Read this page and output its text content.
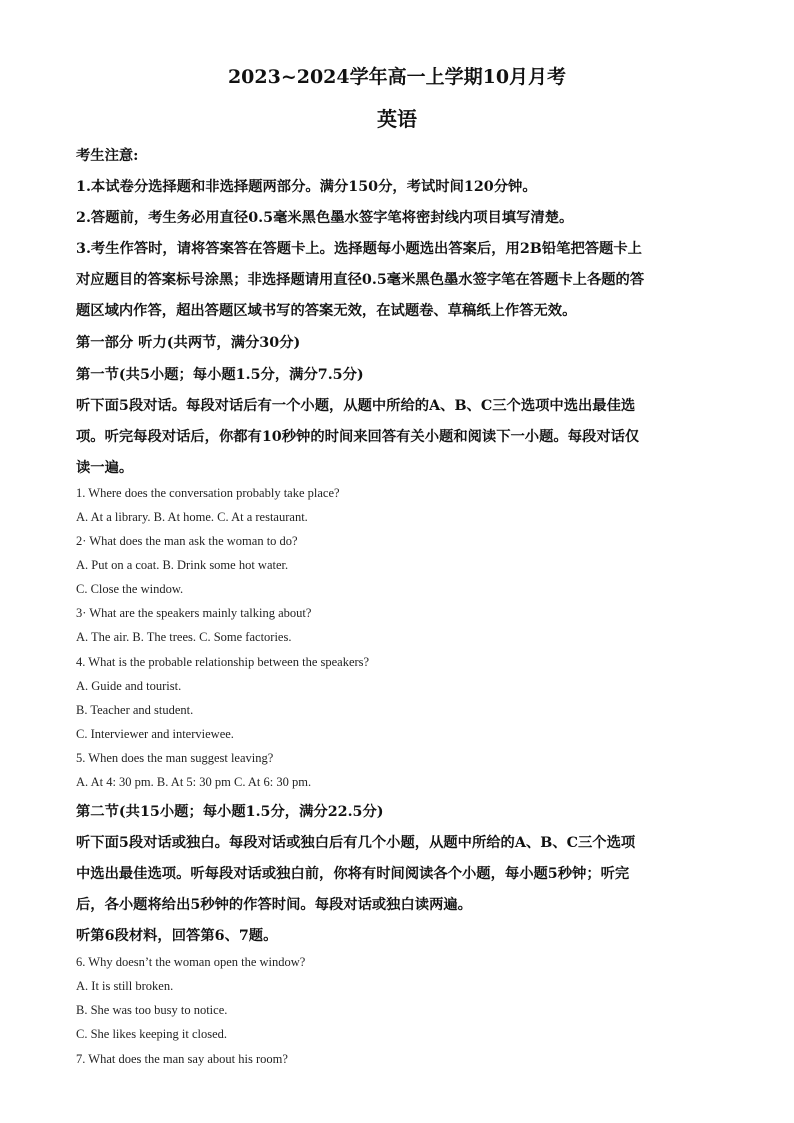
2023~2024学年高一上学期10月月考
英语
考生注意:
1.本试卷分选择题和非选择题两部分。满分150分，考试时间120分钟。
2.答题前，考生务必用直径0.5毫米黑色墨水签字笔将密封线内项目填写清楚。
3.考生作答时，请将答案答在答题卡上。选择题每小题选出答案后，用2B铅笔把答题卡上
对应题目的答案标号涂黑；非选择题请用直径0.5毫米黑色墨水签字笔在答题卡上各题的答
题区域内作答，超出答题区域书写的答案无效，在试题卷、草稿纸上作答无效。
第一部分 听力(共两节，满分30分)
第一节(共5小题；每小题1.5分，满分7.5分)
听下面5段对话。每段对话后有一个小题，从题中所给的A、B、C三个选项中选出最佳选
项。听完每段对话后，你都有10秒钟的时间来回答有关小题和阅读下一小题。每段对话仅
读一遍。
1. Where does the conversation probably take place?
A. At a library. B. At home. C. At a restaurant.
2· What does the man ask the woman to do?
A. Put on a coat. B. Drink some hot water.
C. Close the window.
3· What are the speakers mainly talking about?
A. The air. B. The trees. C. Some factories.
4. What is the probable relationship between the speakers?
A. Guide and tourist.
B. Teacher and student.
C. Interviewer and interviewee.
5. When does the man suggest leaving?
A. At 4: 30 pm. B. At 5: 30 pm C. At 6: 30 pm.
第二节(共15小题；每小题1.5分，满分22.5分)
听下面5段对话或独白。每段对话或独白后有几个小题，从题中所给的A、B、C三个选项
中选出最佳选项。听每段对话或独白前，你将有时间阅读各个小题，每小题5秒钟；听完
后，各小题将给出5秒钟的作答时间。每段对话或独白读两遍。
听第6段材料，回答第6、7题。
6. Why doesn’t the woman open the window?
A. It is still broken.
B. She was too busy to notice.
C. She likes keeping it closed.
7. What does the man say about his room?
